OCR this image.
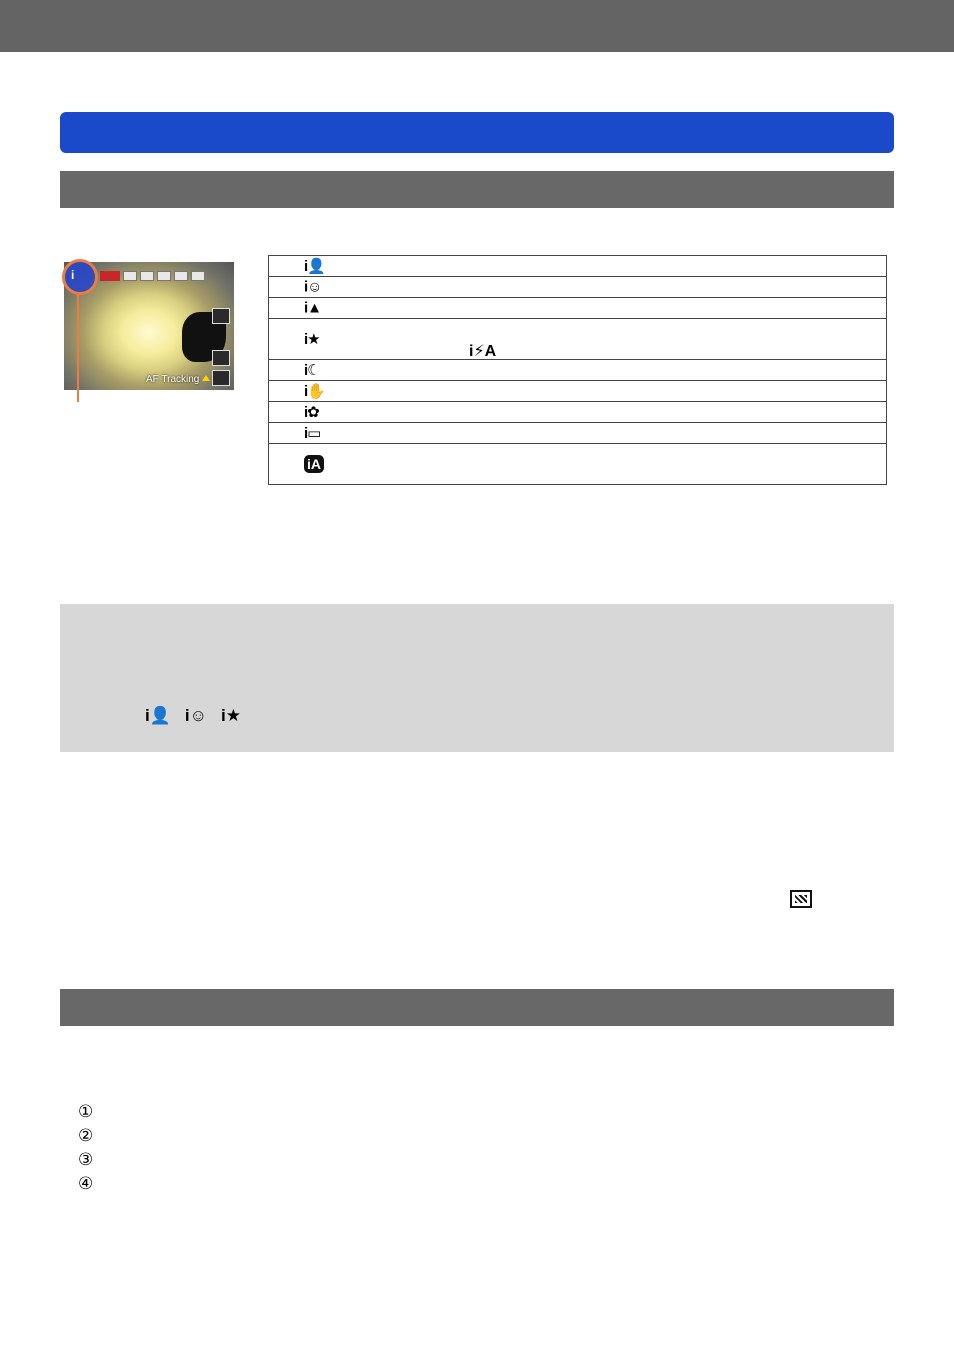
AF Tracking
i	i👤

i☺

i▲

i★
i⚡A

i☾

i✋

i✿

i▭

iA
i👤 i☺ i★
①
②
③
④
